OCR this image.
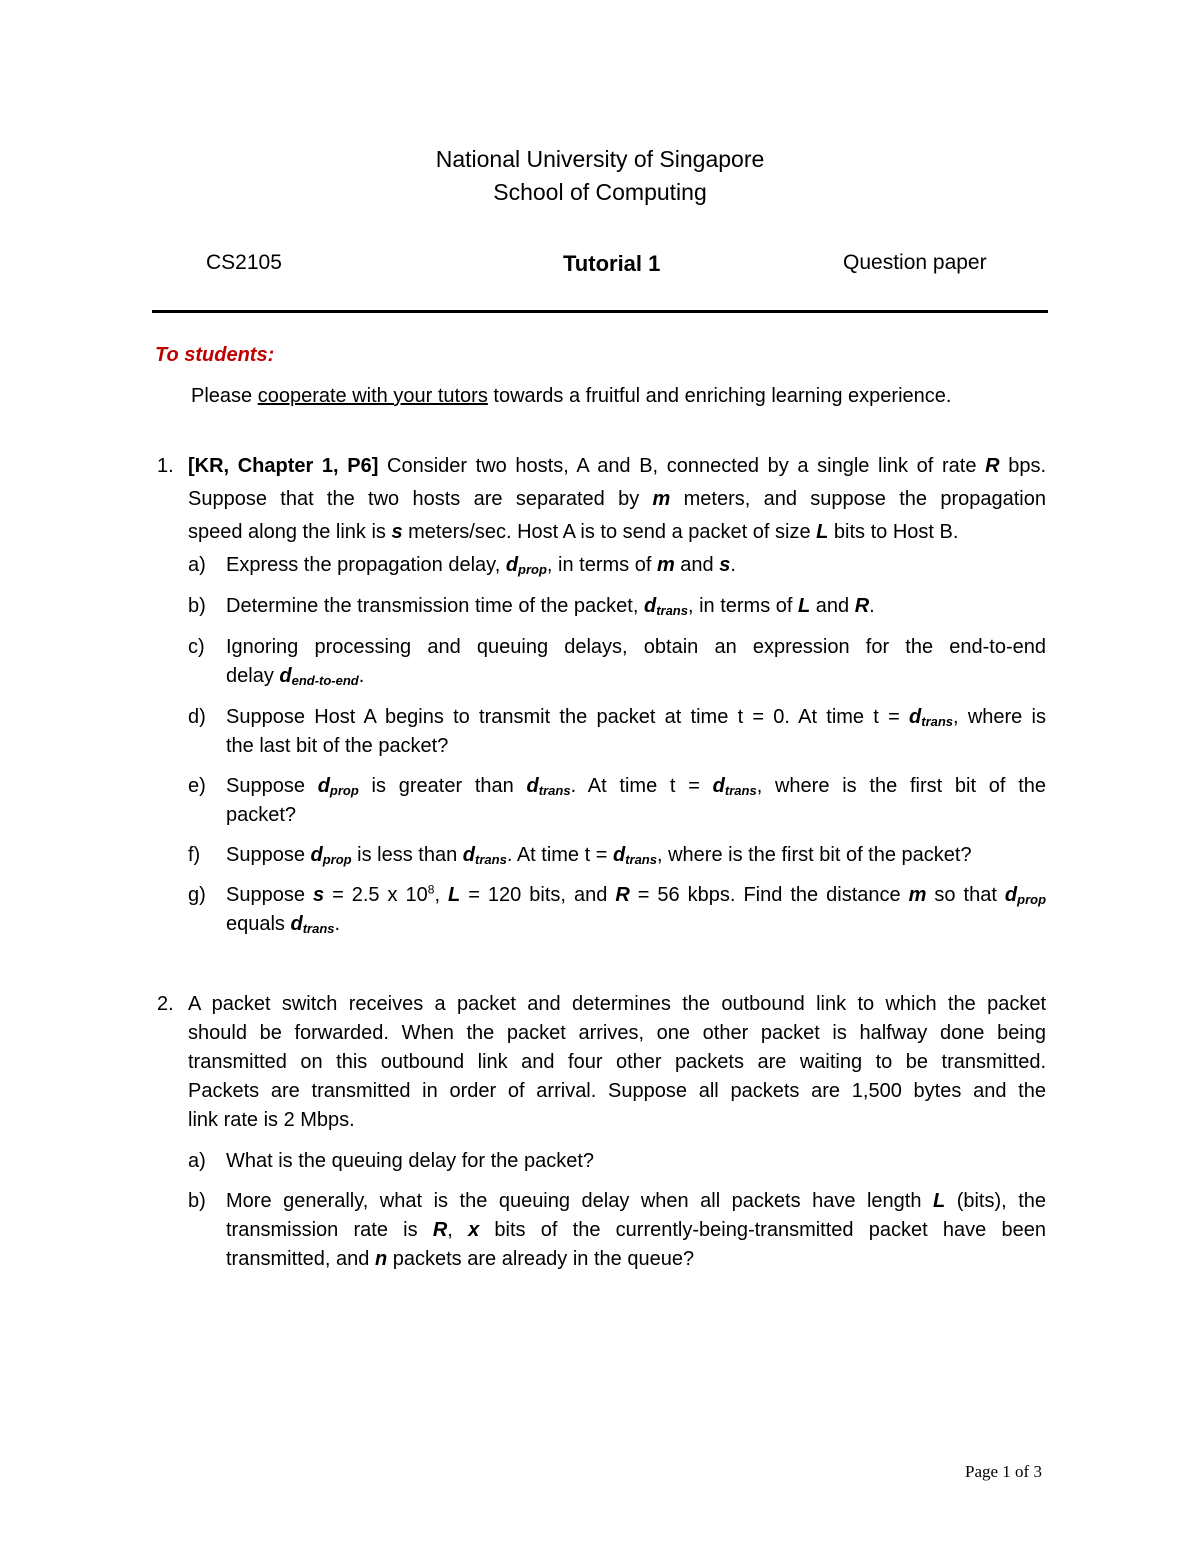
National University of Singapore
School of Computing
CS2105	Tutorial 1	Question paper
To students:
Please cooperate with your tutors towards a fruitful and enriching learning experience.
1. [KR, Chapter 1, P6] Consider two hosts, A and B, connected by a single link of rate R bps.
Suppose that the two hosts are separated by m meters, and suppose the propagation
speed along the link is s meters/sec. Host A is to send a packet of size L bits to Host B.
a) Express the propagation delay, $d_{prop}$, in terms of m and s.
b) Determine the transmission time of the packet, $d_{trans}$, in terms of L and R.
c) Ignoring processing and queuing delays, obtain an expression for the end-to-end
delay $d_{end-to-end}$.
d) Suppose Host A begins to transmit the packet at time t = 0. At time $t = d_{trans}$, where is
the last bit of the packet?
e) Suppose $d_{prop}$ is greater than $d_{trans}$. At time $t = d_{trans}$, where is the first bit of the
packet?
f) Suppose $d_{prop}$ is less than $d_{trans}$. At time $t = d_{trans}$, where is the first bit of the packet?
g) Suppose s = 2.5 x $10^8$, L = 120 bits, and R = 56 kbps. Find the distance m so that $d_{prop}$
equals $d_{trans}$.
2. A packet switch receives a packet and determines the outbound link to which the packet
should be forwarded. When the packet arrives, one other packet is halfway done being
transmitted on this outbound link and four other packets are waiting to be transmitted.
Packets are transmitted in order of arrival. Suppose all packets are 1,500 bytes and the
link rate is 2 Mbps.
a) What is the queuing delay for the packet?
b) More generally, what is the queuing delay when all packets have length L (bits), the
transmission rate is R, x bits of the currently-being-transmitted packet have been
transmitted, and n packets are already in the queue?
Page 1 of 3
